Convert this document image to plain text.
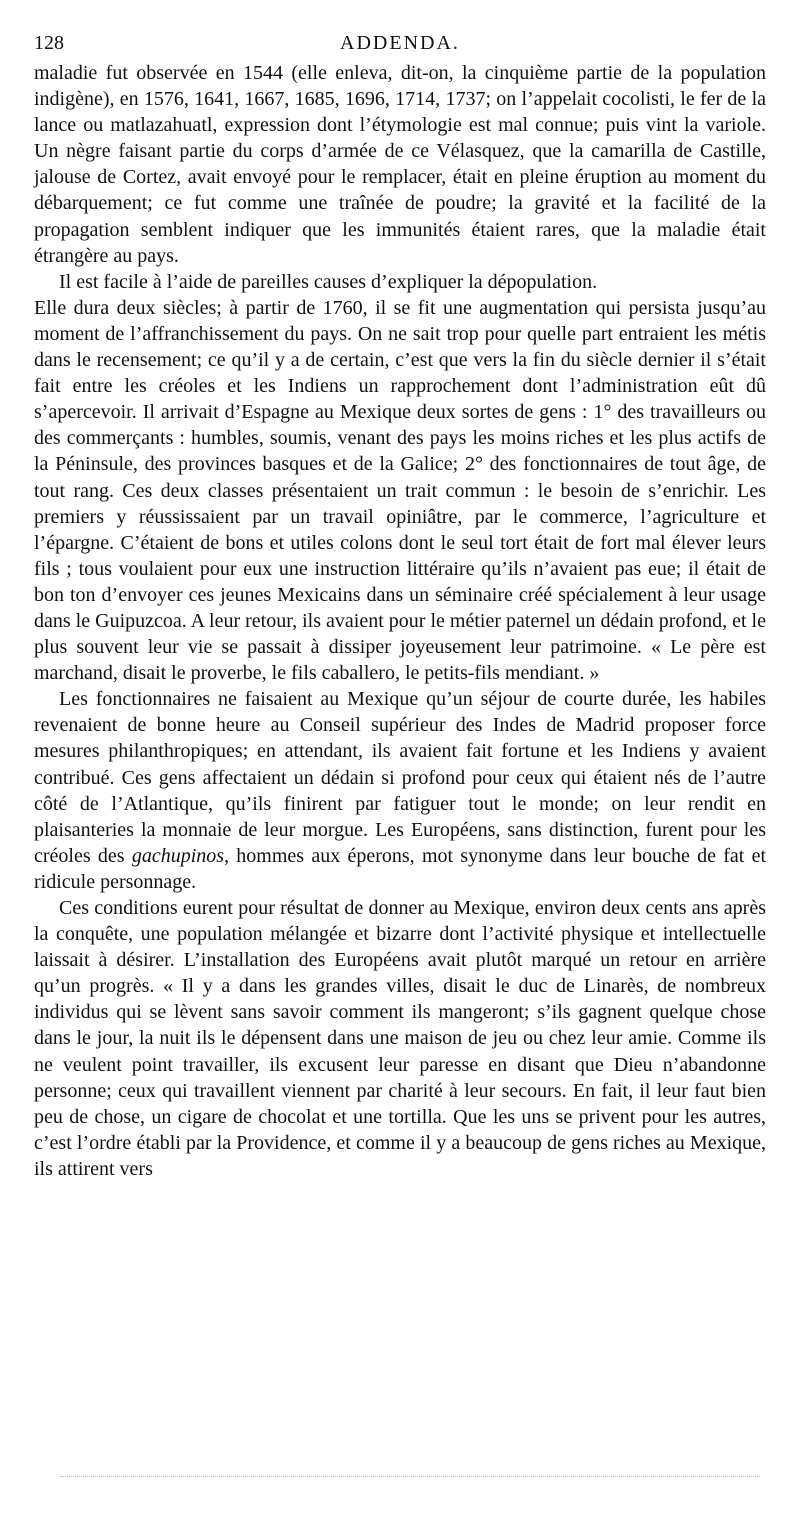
128	ADDENDA.

maladie fut observée en 1544 (elle enleva, dit-on, la cinquième partie de la population indigène), en 1576, 1641, 1667, 1685, 1696, 1714, 1737; on l’appelait cocolisti, le fer de la lance ou matlazahuatl, expression dont l’étymologie est mal connue; puis vint la variole. Un nègre faisant partie du corps d’armée de ce Vélasquez, que la camarilla de Castille, jalouse de Cortez, avait envoyé pour le remplacer, était en pleine éruption au moment du débarquement; ce fut comme une traînée de poudre; la gravité et la facilité de la propagation semblent indiquer que les immunités étaient rares, que la maladie était étrangère au pays.

Il est facile à l’aide de pareilles causes d’expliquer la dépopulation.

Elle dura deux siècles; à partir de 1760, il se fit une augmentation qui persista jusqu’au moment de l’affranchissement du pays. On ne sait trop pour quelle part entraient les métis dans le recensement; ce qu’il y a de certain, c’est que vers la fin du siècle dernier il s’était fait entre les créoles et les Indiens un rapprochement dont l’administration eût dû s’apercevoir. Il arrivait d’Espagne au Mexique deux sortes de gens : 1° des travailleurs ou des commerçants : humbles, soumis, venant des pays les moins riches et les plus actifs de la Péninsule, des provinces basques et de la Galice; 2° des fonctionnaires de tout âge, de tout rang. Ces deux classes présentaient un trait commun : le besoin de s’enrichir. Les premiers y réussissaient par un travail opiniâtre, par le commerce, l’agriculture et l’épargne. C’étaient de bons et utiles colons dont le seul tort était de fort mal élever leurs fils ; tous voulaient pour eux une instruction littéraire qu’ils n’avaient pas eue; il était de bon ton d’envoyer ces jeunes Mexicains dans un séminaire créé spécialement à leur usage dans le Guipuzcoa. A leur retour, ils avaient pour le métier paternel un dédain profond, et le plus souvent leur vie se passait à dissiper joyeusement leur patrimoine. « Le père est marchand, disait le proverbe, le fils caballero, le petits-fils mendiant. »

Les fonctionnaires ne faisaient au Mexique qu’un séjour de courte durée, les habiles revenaient de bonne heure au Conseil supérieur des Indes de Madrid proposer force mesures philanthropiques; en attendant, ils avaient fait fortune et les Indiens y avaient contribué. Ces gens affectaient un dédain si profond pour ceux qui étaient nés de l’autre côté de l’Atlantique, qu’ils finirent par fatiguer tout le monde; on leur rendit en plaisanteries la monnaie de leur morgue. Les Européens, sans distinction, furent pour les créoles des gachupinos, hommes aux éperons, mot synonyme dans leur bouche de fat et ridicule personnage.

Ces conditions eurent pour résultat de donner au Mexique, environ deux cents ans après la conquête, une population mélangée et bizarre dont l’activité physique et intellectuelle laissait à désirer. L’installation des Européens avait plutôt marqué un retour en arrière qu’un progrès. « Il y a dans les grandes villes, disait le duc de Linarès, de nombreux individus qui se lèvent sans savoir comment ils mangeront; s’ils gagnent quelque chose dans le jour, la nuit ils le dépensent dans une maison de jeu ou chez leur amie. Comme ils ne veulent point travailler, ils excusent leur paresse en disant que Dieu n’abandonne personne; ceux qui travaillent viennent par charité à leur secours. En fait, il leur faut bien peu de chose, un cigare de chocolat et une tortilla. Que les uns se privent pour les autres, c’est l’ordre établi par la Providence, et comme il y a beaucoup de gens riches au Mexique, ils attirent vers
